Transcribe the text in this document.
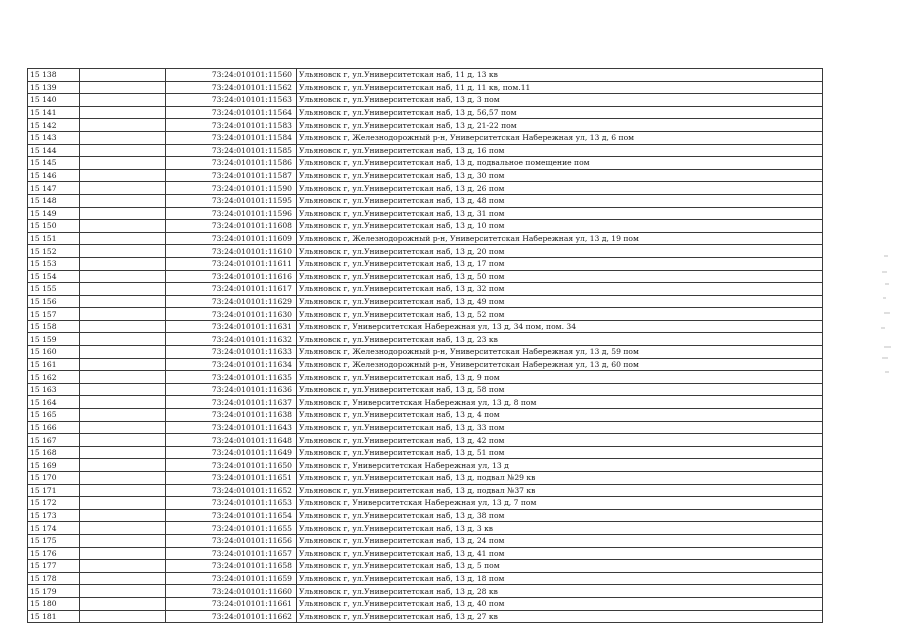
15 138		73:24:010101:11560	Ульяновск г, ул.Университетская наб, 11 д, 13 кв
15 139		73:24:010101:11562	Ульяновск г, ул.Университетская наб, 11 д, 11 кв, пом.11
15 140		73:24:010101:11563	Ульяновск г, ул.Университетская наб, 13 д, 3 пом
15 141		73:24:010101:11564	Ульяновск г, ул.Университетская наб, 13 д, 56,57 пом
15 142		73:24:010101:11583	Ульяновск г, ул.Университетская наб, 13 д, 21-22 пом
15 143		73:24:010101:11584	Ульяновск г, Железнодорожный р-н, Университетская Набережная ул, 13 д, 6 пом
15 144		73:24:010101:11585	Ульяновск г, ул.Университетская наб, 13 д, 16 пом
15 145		73:24:010101:11586	Ульяновск г, ул.Университетская наб, 13 д, подвальное помещение пом
15 146		73:24:010101:11587	Ульяновск г, ул.Университетская наб, 13 д, 30 пом
15 147		73:24:010101:11590	Ульяновск г, ул.Университетская наб, 13 д, 26 пом
15 148		73:24:010101:11595	Ульяновск г, ул.Университетская наб, 13 д, 48 пом
15 149		73:24:010101:11596	Ульяновск г, ул.Университетская наб, 13 д, 31 пом
15 150		73:24:010101:11608	Ульяновск г, ул.Университетская наб, 13 д, 10 пом
15 151		73:24:010101:11609	Ульяновск г, Железнодорожный р-н, Университетская Набережная ул, 13 д, 19 пом
15 152		73:24:010101:11610	Ульяновск г, ул.Университетская наб, 13 д, 20 пом
15 153		73:24:010101:11611	Ульяновск г, ул.Университетская наб, 13 д, 17 пом
15 154		73:24:010101:11616	Ульяновск г, ул.Университетская наб, 13 д, 50 пом
15 155		73:24:010101:11617	Ульяновск г, ул.Университетская наб, 13 д, 32 пом
15 156		73:24:010101:11629	Ульяновск г, ул.Университетская наб, 13 д, 49 пом
15 157		73:24:010101:11630	Ульяновск г, ул.Университетская наб, 13 д, 52 пом
15 158		73:24:010101:11631	Ульяновск г, Университетская Набережная ул, 13 д, 34 пом, пом. 34
15 159		73:24:010101:11632	Ульяновск г, ул.Университетская наб, 13 д, 23 кв
15 160		73:24:010101:11633	Ульяновск г, Железнодорожный р-н, Университетская Набережная ул, 13 д, 59 пом
15 161		73:24:010101:11634	Ульяновск г, Железнодорожный р-н, Университетская Набережная ул, 13 д, 60 пом
15 162		73:24:010101:11635	Ульяновск г, ул.Университетская наб, 13 д, 9 пом
15 163		73:24:010101:11636	Ульяновск г, ул.Университетская наб, 13 д, 58 пом
15 164		73:24:010101:11637	Ульяновск г, Университетская Набережная ул, 13 д, 8 пом
15 165		73:24:010101:11638	Ульяновск г, ул.Университетская наб, 13 д, 4 пом
15 166		73:24:010101:11643	Ульяновск г, ул.Университетская наб, 13 д, 33 пом
15 167		73:24:010101:11648	Ульяновск г, ул.Университетская наб, 13 д, 42 пом
15 168		73:24:010101:11649	Ульяновск г, ул.Университетская наб, 13 д, 51 пом
15 169		73:24:010101:11650	Ульяновск г, Университетская Набережная ул, 13 д
15 170		73:24:010101:11651	Ульяновск г, ул.Университетская наб, 13 д, подвал №29 кв
15 171		73:24:010101:11652	Ульяновск г, ул.Университетская наб, 13 д, подвал №37 кв
15 172		73:24:010101:11653	Ульяновск г, Университетская Набережная ул, 13 д, 7 пом
15 173		73:24:010101:11654	Ульяновск г, ул.Университетская наб, 13 д, 38 пом
15 174		73:24:010101:11655	Ульяновск г, ул.Университетская наб, 13 д, 3 кв
15 175		73:24:010101:11656	Ульяновск г, ул.Университетская наб, 13 д, 24 пом
15 176		73:24:010101:11657	Ульяновск г, ул.Университетская наб, 13 д, 41 пом
15 177		73:24:010101:11658	Ульяновск г, ул.Университетская наб, 13 д, 5 пом
15 178		73:24:010101:11659	Ульяновск г, ул.Университетская наб, 13 д, 18 пом
15 179		73:24:010101:11660	Ульяновск г, ул.Университетская наб, 13 д, 28 кв
15 180		73:24:010101:11661	Ульяновск г, ул.Университетская наб, 13 д, 40 пом
15 181		73:24:010101:11662	Ульяновск г, ул.Университетская наб, 13 д, 27 кв
